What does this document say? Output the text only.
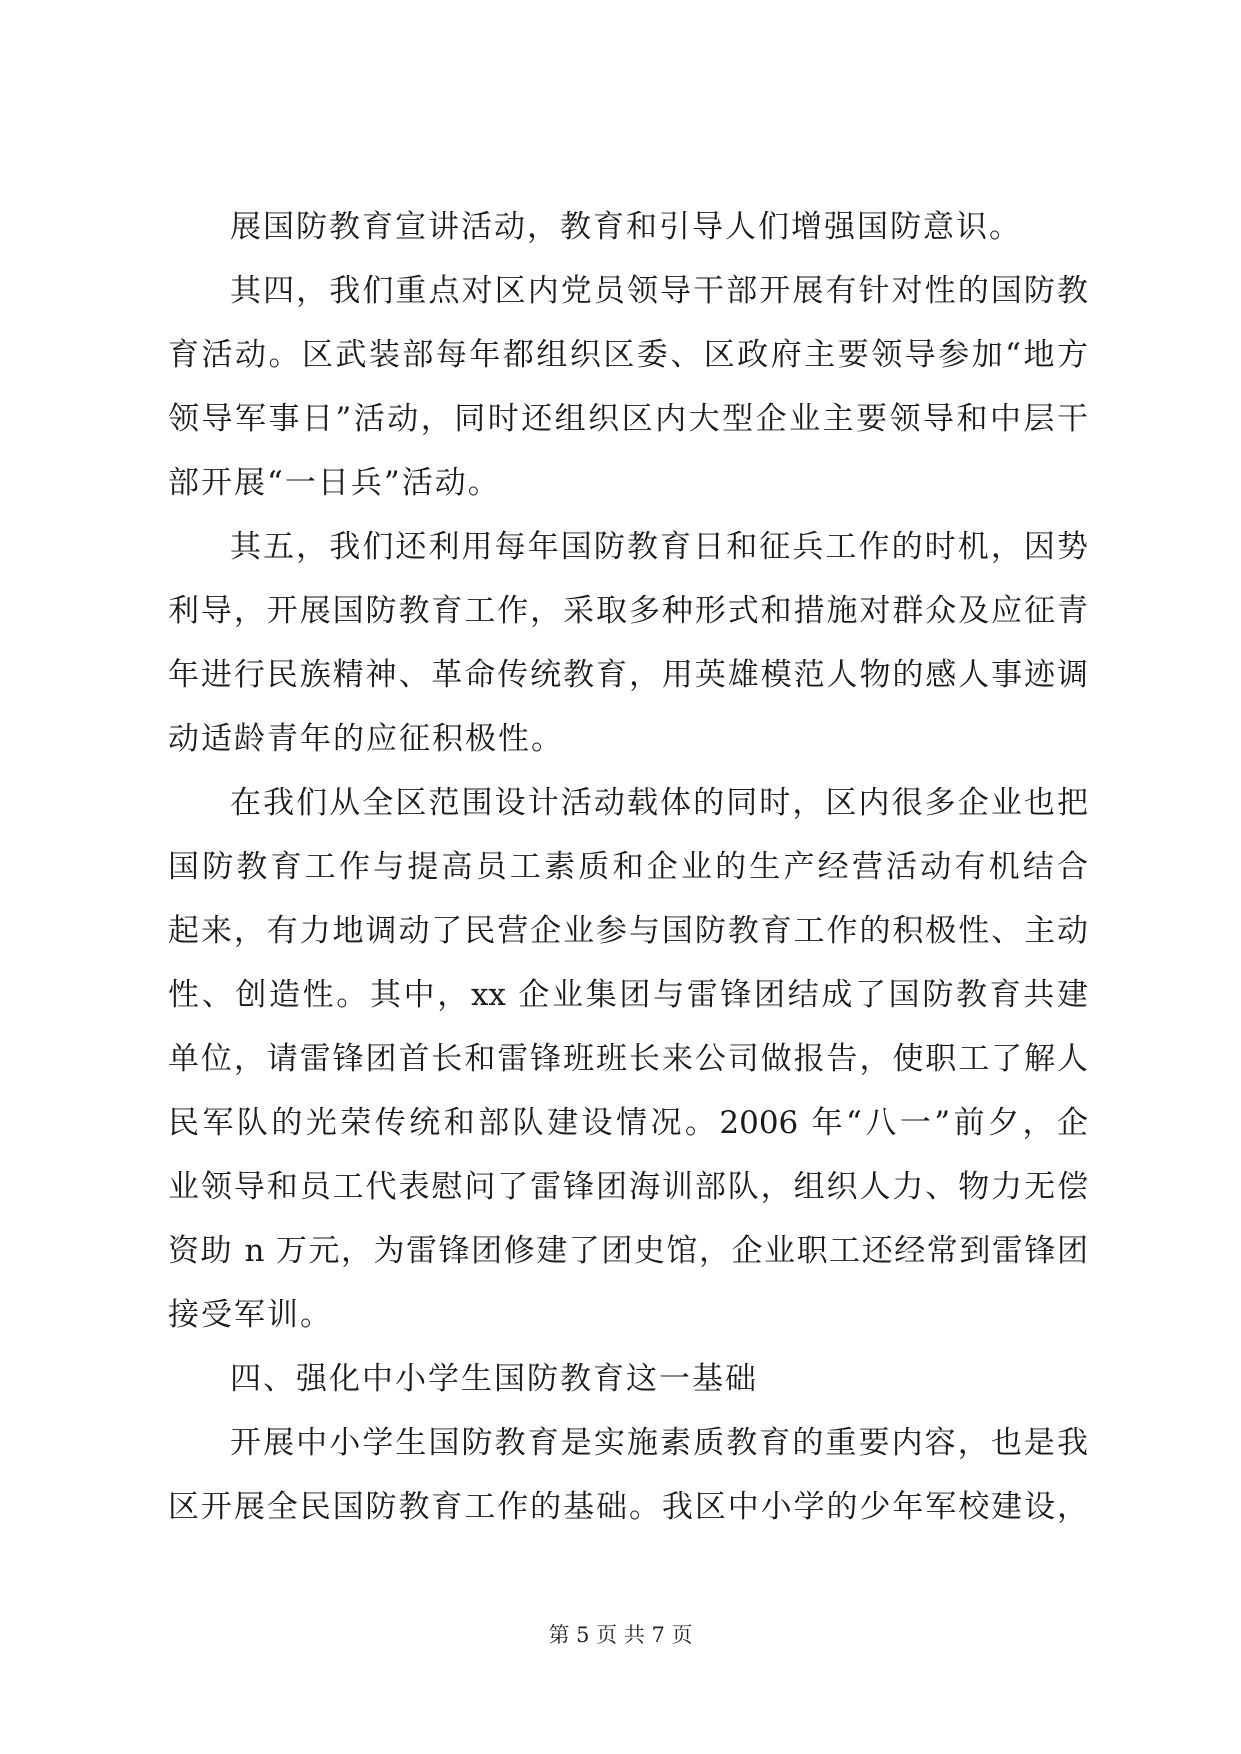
展国防教育宣讲活动，教育和引导人们增强国防意识。
其四，我们重点对区内党员领导干部开展有针对性的国防教
育活动。区武装部每年都组织区委、区政府主要领导参加“地方
领导军事日”活动，同时还组织区内大型企业主要领导和中层干
部开展“一日兵”活动。
其五，我们还利用每年国防教育日和征兵工作的时机，因势
利导，开展国防教育工作，采取多种形式和措施对群众及应征青
年进行民族精神、革命传统教育，用英雄模范人物的感人事迹调
动适龄青年的应征积极性。
在我们从全区范围设计活动载体的同时，区内很多企业也把
国防教育工作与提高员工素质和企业的生产经营活动有机结合
起来，有力地调动了民营企业参与国防教育工作的积极性、主动
性、创造性。其中，xx 企业集团与雷锋团结成了国防教育共建
单位，请雷锋团首长和雷锋班班长来公司做报告，使职工了解人
民军队的光荣传统和部队建设情况。2006 年“八一”前夕，企
业领导和员工代表慰问了雷锋团海训部队，组织人力、物力无偿
资助 n 万元，为雷锋团修建了团史馆，企业职工还经常到雷锋团
接受军训。
四、强化中小学生国防教育这一基础
开展中小学生国防教育是实施素质教育的重要内容，也是我
区开展全民国防教育工作的基础。我区中小学的少年军校建设，
第 5 页 共 7 页
